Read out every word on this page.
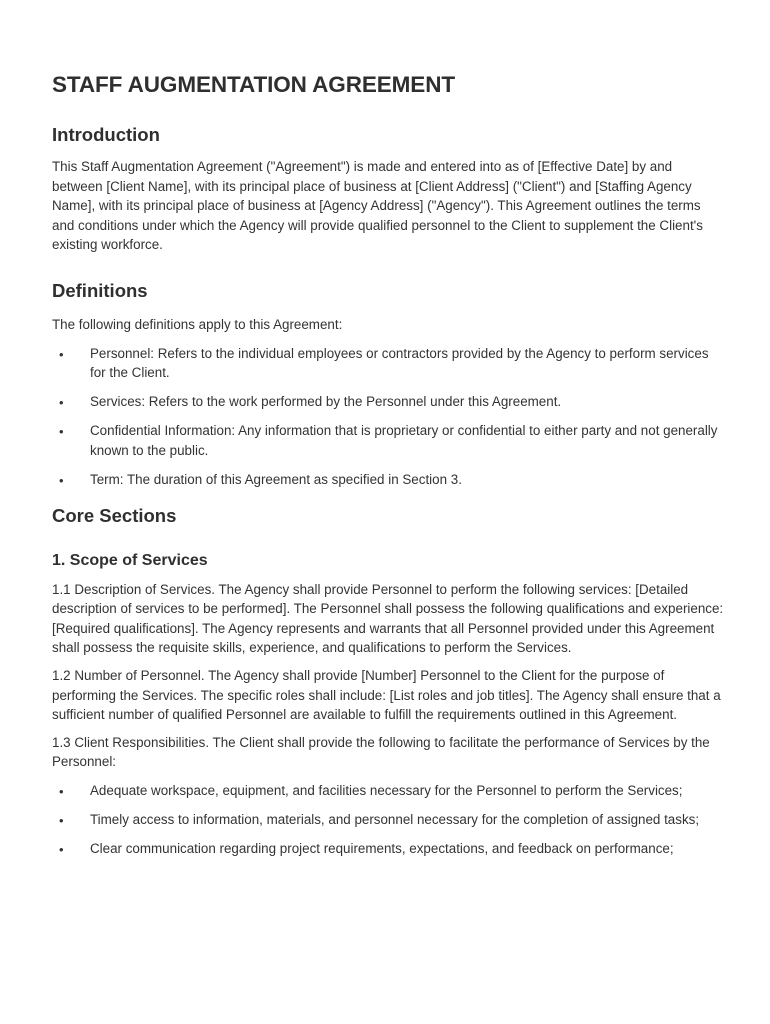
STAFF AUGMENTATION AGREEMENT
Introduction

This Staff Augmentation Agreement ("Agreement") is made and entered into as of [Effective Date] by and between [Client Name], with its principal place of business at [Client Address] ("Client") and [Staffing Agency Name], with its principal place of business at [Agency Address] ("Agency"). This Agreement outlines the terms and conditions under which the Agency will provide qualified personnel to the Client to supplement the Client's existing workforce.

Definitions

The following definitions apply to this Agreement:

• Personnel: Refers to the individual employees or contractors provided by the Agency to perform services for the Client.
• Services: Refers to the work performed by the Personnel under this Agreement.
• Confidential Information: Any information that is proprietary or confidential to either party and not generally known to the public.
• Term: The duration of this Agreement as specified in Section 3.
Core Sections
1. Scope of Services

1.1 Description of Services. The Agency shall provide Personnel to perform the following services: [Detailed description of services to be performed]. The Personnel shall possess the following qualifications and experience: [Required qualifications]. The Agency represents and warrants that all Personnel provided under this Agreement shall possess the requisite skills, experience, and qualifications to perform the Services.

1.2 Number of Personnel. The Agency shall provide [Number] Personnel to the Client for the purpose of performing the Services. The specific roles shall include: [List roles and job titles]. The Agency shall ensure that a sufficient number of qualified Personnel are available to fulfill the requirements outlined in this Agreement.

1.3 Client Responsibilities. The Client shall provide the following to facilitate the performance of Services by the Personnel:

• Adequate workspace, equipment, and facilities necessary for the Personnel to perform the Services;
• Timely access to information, materials, and personnel necessary for the completion of assigned tasks;
• Clear communication regarding project requirements, expectations, and feedback on performance;
